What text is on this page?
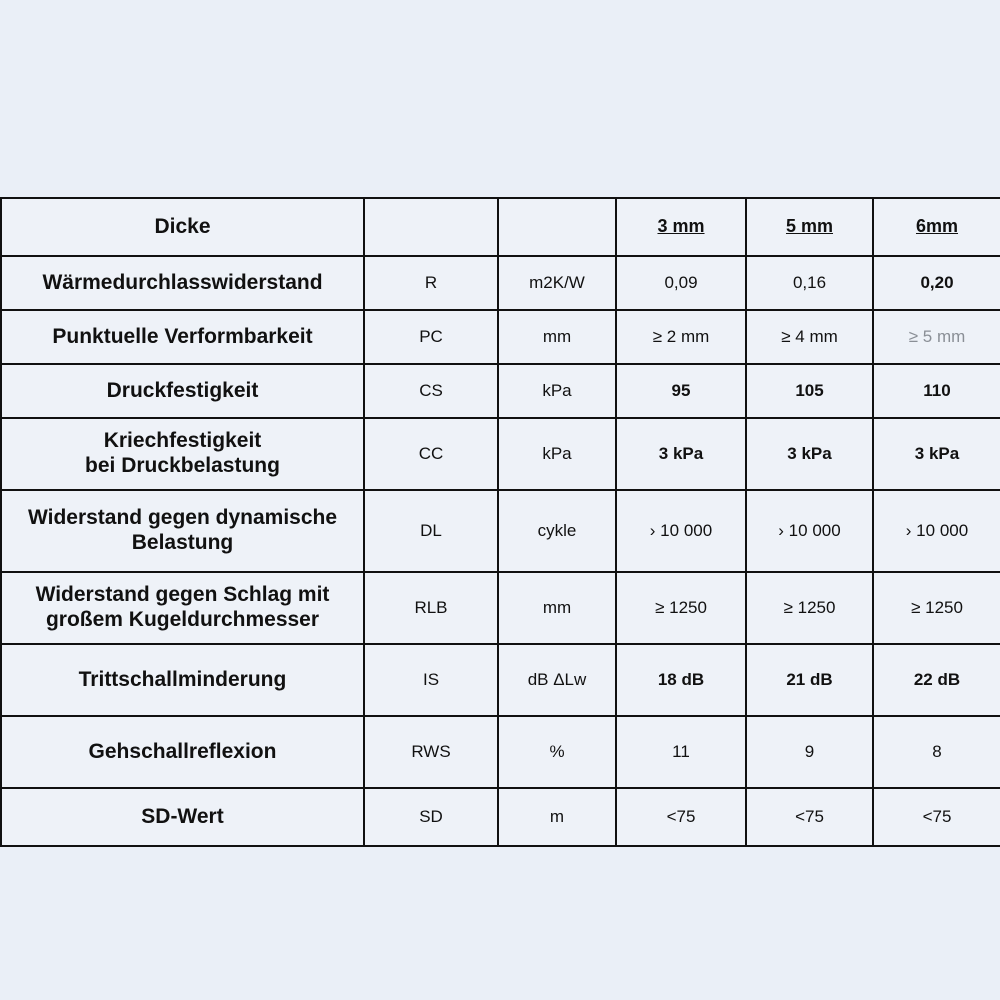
Dicke			3 mm	5 mm	6mm
Wärmedurchlasswiderstand	R	m2K/W	0,09	0,16	0,20
Punktuelle Verformbarkeit	PC	mm	≥ 2 mm	≥ 4 mm	≥ 5 mm
Druckfestigkeit	CS	kPa	95	105	110
Kriechfestigkeit
bei Druckbelastung	CC	kPa	3 kPa	3 kPa	3 kPa
Widerstand gegen dynamische
Belastung	DL	cykle	› 10 000	› 10 000	› 10 000
Widerstand gegen Schlag mit
großem Kugeldurchmesser	RLB	mm	≥ 1250	≥ 1250	≥ 1250
Trittschallminderung	IS	dB ΔLw	18 dB	21 dB	22 dB
Gehschallreflexion	RWS	%	11	9	8
SD-Wert	SD	m	<75	<75	<75
